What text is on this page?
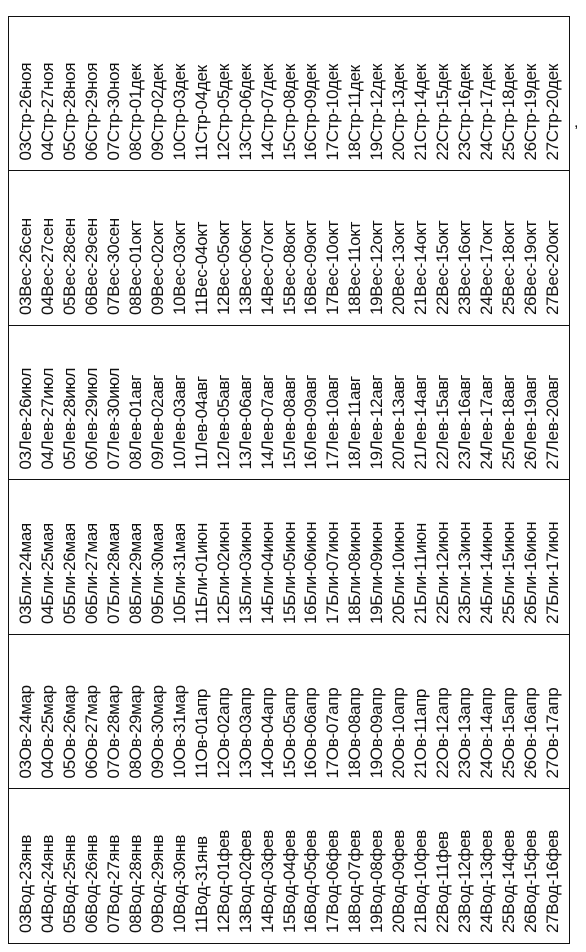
03Вод-23янв 04Вод-24янв 05Вод-25янв 06Вод-26янв 07Вод-27янв 08Вод-28янв 09Вод-29янв 10Вод-30янв 11Вод-31янв 12Вод-01фев 13Вод-02фев 14Вод-03фев 15Вод-04фев 16Вод-05фев 17Вод-06фев 18Вод-07фев 19Вод-08фев 20Вод-09фев 21Вод-10фев 22Вод-11фев 23Вод-12фев 24Вод-13фев 25Вод-14фев 26Вод-15фев 27Вод-16фев
03Ов-24мар 04Ов-25мар 05Ов-26мар 06Ов-27мар 07Ов-28мар 08Ов-29мар 09Ов-30мар 10Ов-31мар 11Ов-01апр 12Ов-02апр 13Ов-03апр 14Ов-04апр 15Ов-05апр 16Ов-06апр 17Ов-07апр 18Ов-08апр 19Ов-09апр 20Ов-10апр 21Ов-11апр 22Ов-12апр 23Ов-13апр 24Ов-14апр 25Ов-15апр 26Ов-16апр 27Ов-17апр
03Бли-24мая 04Бли-25мая 05Бли-26мая 06Бли-27мая 07Бли-28мая 08Бли-29мая 09Бли-30мая 10Бли-31мая 11Бли-01июн 12Бли-02июн 13Бли-03июн 14Бли-04июн 15Бли-05июн 16Бли-06июн 17Бли-07июн 18Бли-08июн 19Бли-09июн 20Бли-10июн 21Бли-11июн 22Бли-12июн 23Бли-13июн 24Бли-14июн 25Бли-15июн 26Бли-16июн 27Бли-17июн
03Лев-26июл 04Лев-27июл 05Лев-28июл 06Лев-29июл 07Лев-30июл 08Лев-01авг 09Лев-02авг 10Лев-03авг 11Лев-04авг 12Лев-05авг 13Лев-06авг 14Лев-07авг 15Лев-08авг 16Лев-09авг 17Лев-10авг 18Лев-11авг 19Лев-12авг 20Лев-13авг 21Лев-14авг 22Лев-15авг 23Лев-16авг 24Лев-17авг 25Лев-18авг 26Лев-19авг 27Лев-20авг
03Вес-26сен 04Вес-27сен 05Вес-28сен 06Вес-29сен 07Вес-30сен 08Вес-01окт 09Вес-02окт 10Вес-03окт 11Вес-04окт 12Вес-05окт 13Вес-06окт 14Вес-07окт 15Вес-08окт 16Вес-09окт 17Вес-10окт 18Вес-11окт 19Вес-12окт 20Вес-13окт 21Вес-14окт 22Вес-15окт 23Вес-16окт 24Вес-17окт 25Вес-18окт 26Вес-19окт 27Вес-20окт
03Стр-26ноя 04Стр-27ноя 05Стр-28ноя 06Стр-29ноя 07Стр-30ноя 08Стр-01дек 09Стр-02дек 10Стр-03дек 11Стр-04дек 12Стр-05дек 13Стр-06дек 14Стр-07дек 15Стр-08дек 16Стр-09дек 17Стр-10дек 18Стр-11дек 19Стр-12дек 20Стр-13дек 21Стр-14дек 22Стр-15дек 23Стр-16дек 24Стр-17дек 25Стр-18дек 26Стр-19дек 27Стр-20дек ,
